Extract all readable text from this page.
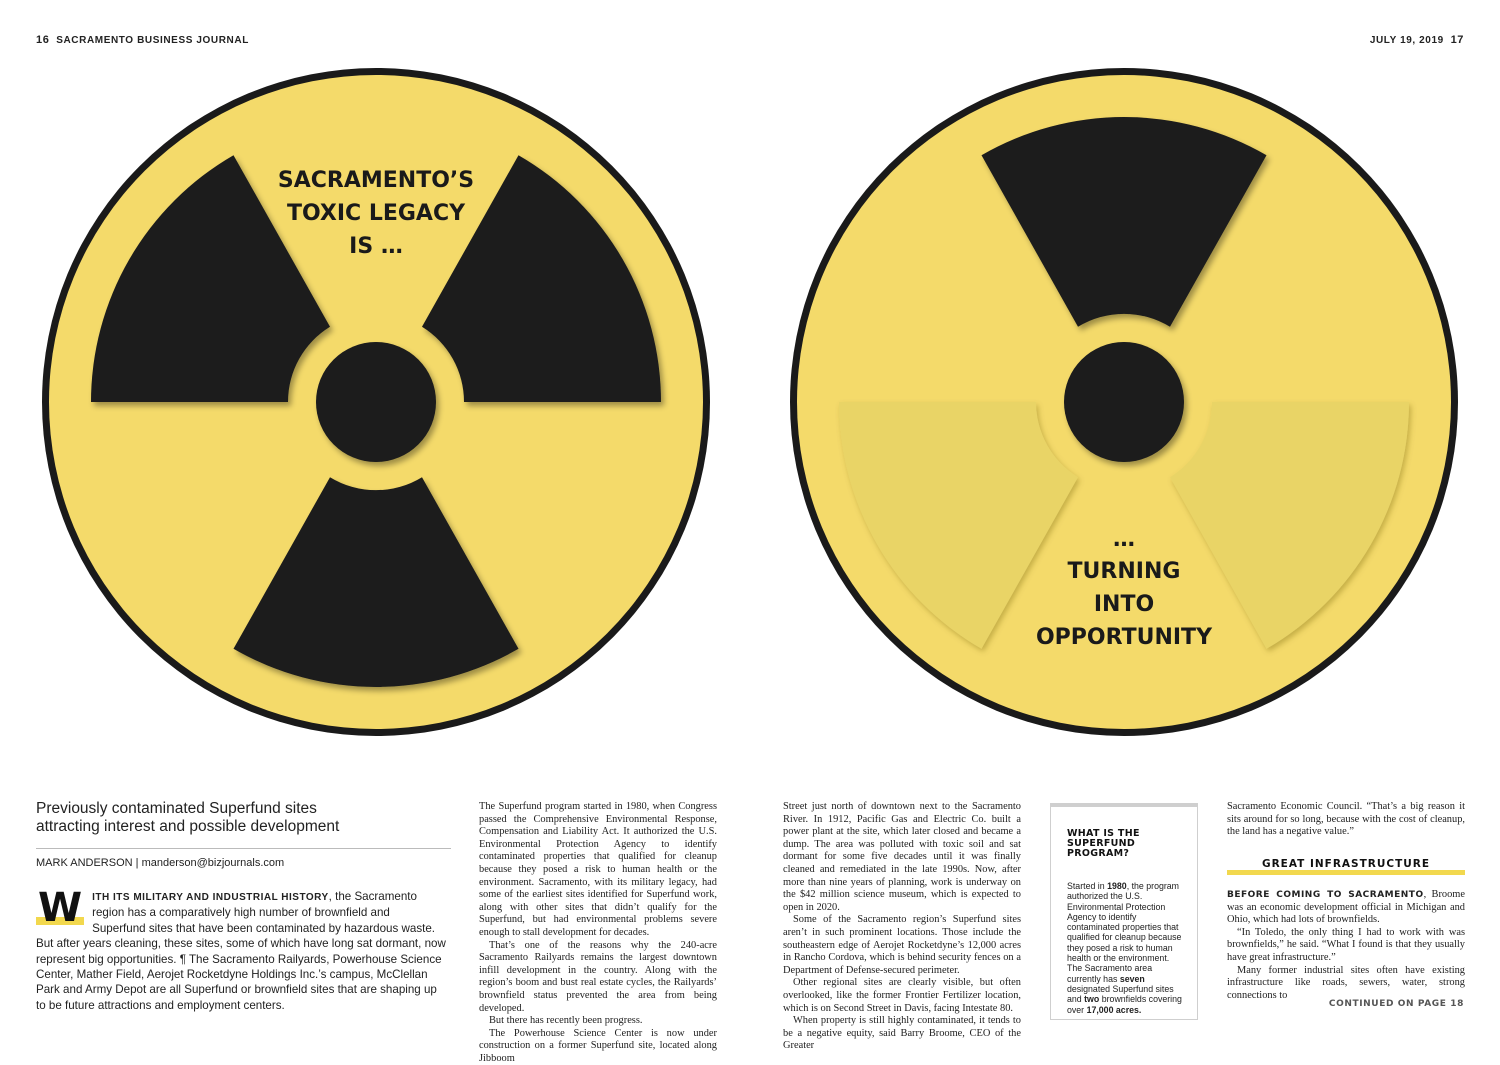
16 SACRAMENTO BUSINESS JOURNAL	JULY 19, 2019 17
SACRAMENTO’S
TOXIC LEGACY
IS …
…
TURNING
INTO
OPPORTUNITY
Previously contaminated Superfund sites
attracting interest and possible development
MARK ANDERSON | manderson@bizjournals.com

W ITH ITS MILITARY AND INDUSTRIAL HISTORY, the Sacramento region has a comparatively high number of brownfield and Superfund sites that have been contaminated by hazardous waste. But after years cleaning, these sites, some of which have long sat dormant, now represent big opportunities. ¶ The Sacramento Railyards, Powerhouse Science Center, Mather Field, Aerojet Rocketdyne Holdings Inc.’s campus, McClellan Park and Army Depot are all Superfund or brownfield sites that are shaping up to be future attractions and employment centers.

The Superfund program started in 1980, when Congress passed the Comprehensive Environmental Response, Compensation and Liability Act. It authorized the U.S. Environmental Protection Agency to identify contaminated properties that qualified for cleanup because they posed a risk to human health or the environment. Sacramento, with its military legacy, had some of the earliest sites identified for Superfund work, along with other sites that didn’t qualify for the Superfund, but had environmental problems severe enough to stall development for decades.

That’s one of the reasons why the 240-acre Sacramento Railyards remains the largest downtown infill development in the country. Along with the region’s boom and bust real estate cycles, the Railyards’ brownfield status prevented the area from being developed.

But there has recently been progress.

The Powerhouse Science Center is now under construction on a former Superfund site, located along Jibboom

Street just north of downtown next to the Sacramento River. In 1912, Pacific Gas and Electric Co. built a power plant at the site, which later closed and became a dump. The area was polluted with toxic soil and sat dormant for some five decades until it was finally cleaned and remediated in the late 1990s. Now, after more than nine years of planning, work is underway on the $42 million science museum, which is expected to open in 2020.

Some of the Sacramento region’s Superfund sites aren’t in such prominent locations. Those include the southeastern edge of Aerojet Rocketdyne’s 12,000 acres in Rancho Cordova, which is behind security fences on a Department of Defense-secured perimeter.

Other regional sites are clearly visible, but often overlooked, like the former Frontier Fertilizer location, which is on Second Street in Davis, facing Intestate 80.

When property is still highly contaminated, it tends to be a negative equity, said Barry Broome, CEO of the Greater

WHAT IS THE
SUPERFUND
PROGRAM?

Started in 1980, the program authorized the U.S. Environmental Protection Agency to identify contaminated properties that qualified for cleanup because they posed a risk to human health or the environment. The Sacramento area currently has seven designated Superfund sites and two brownfields covering over 17,000 acres.

Sacramento Economic Council. “That’s a big reason it sits around for so long, because with the cost of cleanup, the land has a negative value.”

GREAT INFRASTRUCTURE

BEFORE COMING TO SACRAMENTO, Broome was an economic development official in Michigan and Ohio, which had lots of brownfields.

“In Toledo, the only thing I had to work with was brownfields,” he said. “What I found is that they usually have great infrastructure.”

Many former industrial sites often have existing infrastructure like roads, sewers, water, strong connections to

CONTINUED ON PAGE 18
